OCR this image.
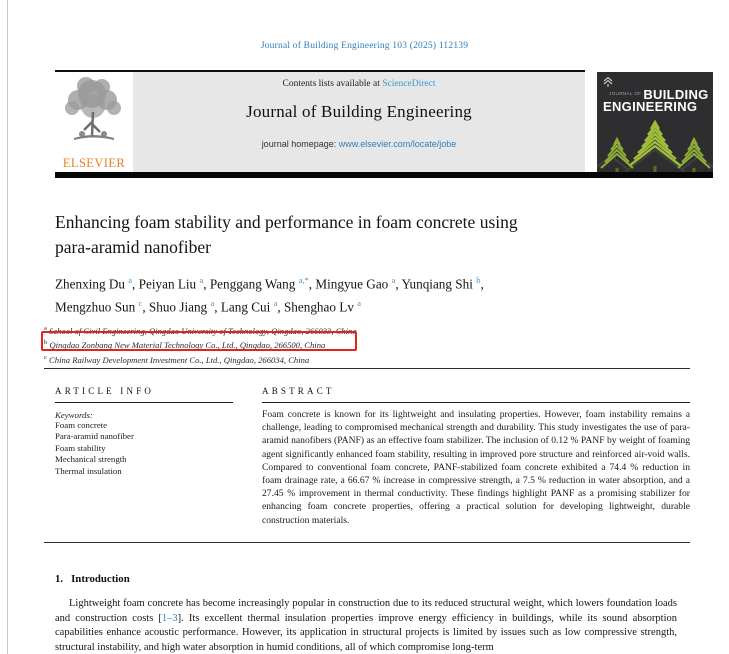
Journal of Building Engineering 103 (2025) 112139
ELSEVIER
Contents lists available at ScienceDirect
Journal of Building Engineering
journal homepage: www.elsevier.com/locate/jobe
JOURNAL OF BUILDING
ENGINEERING
Enhancing foam stability and performance in foam concrete using
para-aramid nanofiber
Zhenxing Du $^a$, Peiyan Liu $^a$, Penggang Wang $^{a,*}$, Mingyue Gao $^a$, Yunqiang Shi $^b$,
Mengzhuo Sun $^c$, Shuo Jiang $^a$, Lang Cui $^a$, Shenghao Lv $^a$
$^a$ School of Civil Engineering, Qingdao University of Technology, Qingdao, 266033, China
$^b$ Qingdao Zonbang New Material Technology Co., Ltd., Qingdao, 266500, China
$^c$ China Railway Development Investment Co., Ltd., Qingdao, 266034, China
ARTICLE INFO
Keywords:
Foam concrete
Para-aramid nanofiber
Foam stability
Mechanical strength
Thermal insulation
ABSTRACT
Foam concrete is known for its lightweight and insulating properties. However, foam instability remains a challenge, leading to compromised mechanical strength and durability. This study investigates the use of para-aramid nanofibers (PANF) as an effective foam stabilizer. The inclusion of 0.12 % PANF by weight of foaming agent significantly enhanced foam stability, resulting in improved pore structure and reinforced air-void walls. Compared to conventional foam concrete, PANF-stabilized foam concrete exhibited a 74.4 % reduction in foam drainage rate, a 66.67 % increase in compressive strength, a 7.5 % reduction in water absorption, and a 27.45 % improvement in thermal conductivity. These findings highlight PANF as a promising stabilizer for enhancing foam concrete properties, offering a practical solution for developing lightweight, durable construction materials.
1. Introduction
Lightweight foam concrete has become increasingly popular in construction due to its reduced structural weight, which lowers foundation loads and construction costs [1–3]. Its excellent thermal insulation properties improve energy efficiency in buildings, while its sound absorption capabilities enhance acoustic performance. However, its application in structural projects is limited by issues such as low compressive strength, structural instability, and high water absorption in humid conditions, all of which compromise long-term
